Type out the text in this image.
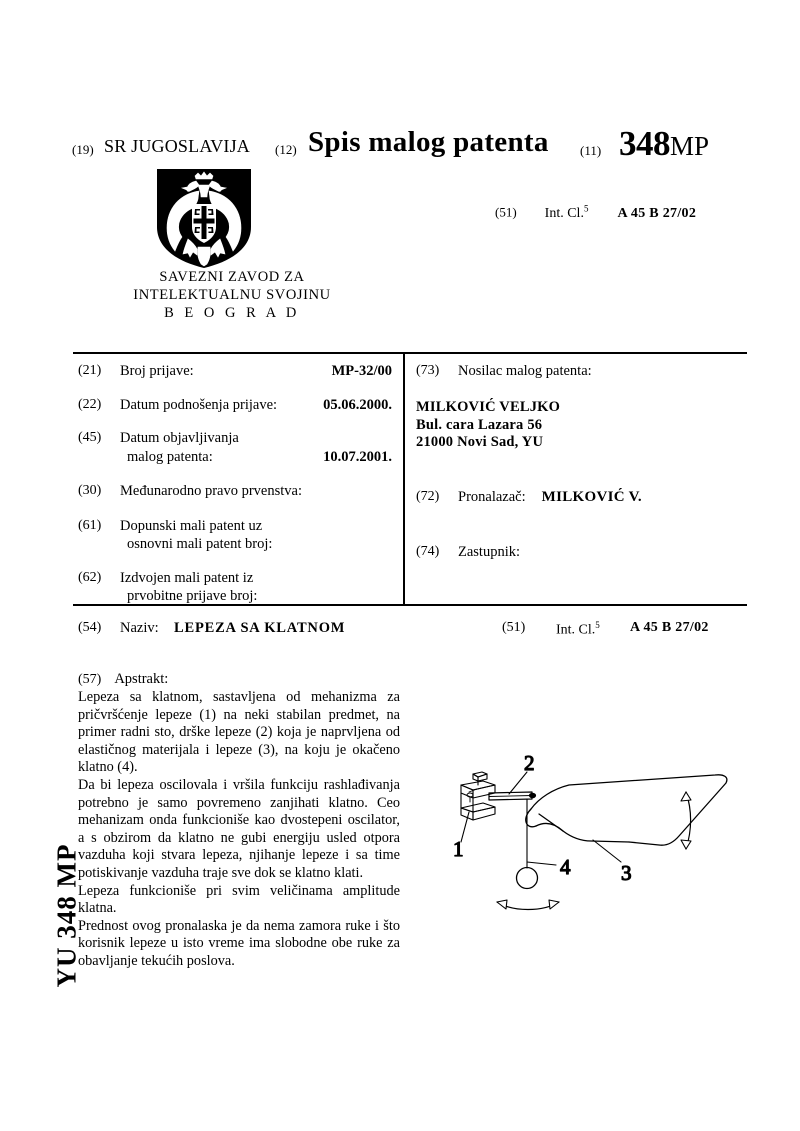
YU 348 MP
(19) SR JUGOSLAVIJA (12) Spis malog patenta (11) 348MP
(51) Int. Cl.$^5$ A 45 B 27/02
SAVEZNI ZAVOD ZA
INTELEKTUALNU SVOJINU
B E O G R A D
(21) Broj prijave:	MP-32/00
(22) Datum podnošenja prijave:	05.06.2000.
(45) Datum objavljivanja
malog patenta:	10.07.2001.
(30) Međunarodno pravo prvenstva:
(61) Dopunski mali patent uz
osnovni mali patent broj:
(62) Izdvojen mali patent iz
prvobitne prijave broj:
(73) Nosilac malog patenta:
MILKOVIĆ VELJKO
Bul. cara Lazara 56
21000 Novi Sad, YU
(72) Pronalazač: MILKOVIĆ V.
(74) Zastupnik:
(54) Naziv: LEPEZA SA KLATNOM	(51) Int. Cl.$^5$ A 45 B 27/02
(57) Apstrakt:

Lepeza sa klatnom, sastavljena od mehanizma za pričvršćenje lepeze (1) na neki stabilan predmet, na primer radni sto, drške lepeze (2) koja je naprvljena od elastičnog materijala i lepeze (3), na koju je okačeno klatno (4).

Da bi lepeza oscilovala i vršila funkciju rashlađivanja potrebno je samo povremeno zanjihati klatno. Ceo mehanizam onda funkcioniše kao dvostepeni oscilator, a s obzirom da klatno ne gubi energiju usled otpora vazduha koji stvara lepeza, njihanje lepeze i sa time potiskivanje vazduha traje sve dok se klatno klati.

Lepeza funkcioniše pri svim veličinama amplitude klatna.

Prednost ovog pronalaska je da nema zamora ruke i što korisnik lepeze u isto vreme ima slobodne obe ruke za obavljanje tekućih poslova.

1
2
3
4
